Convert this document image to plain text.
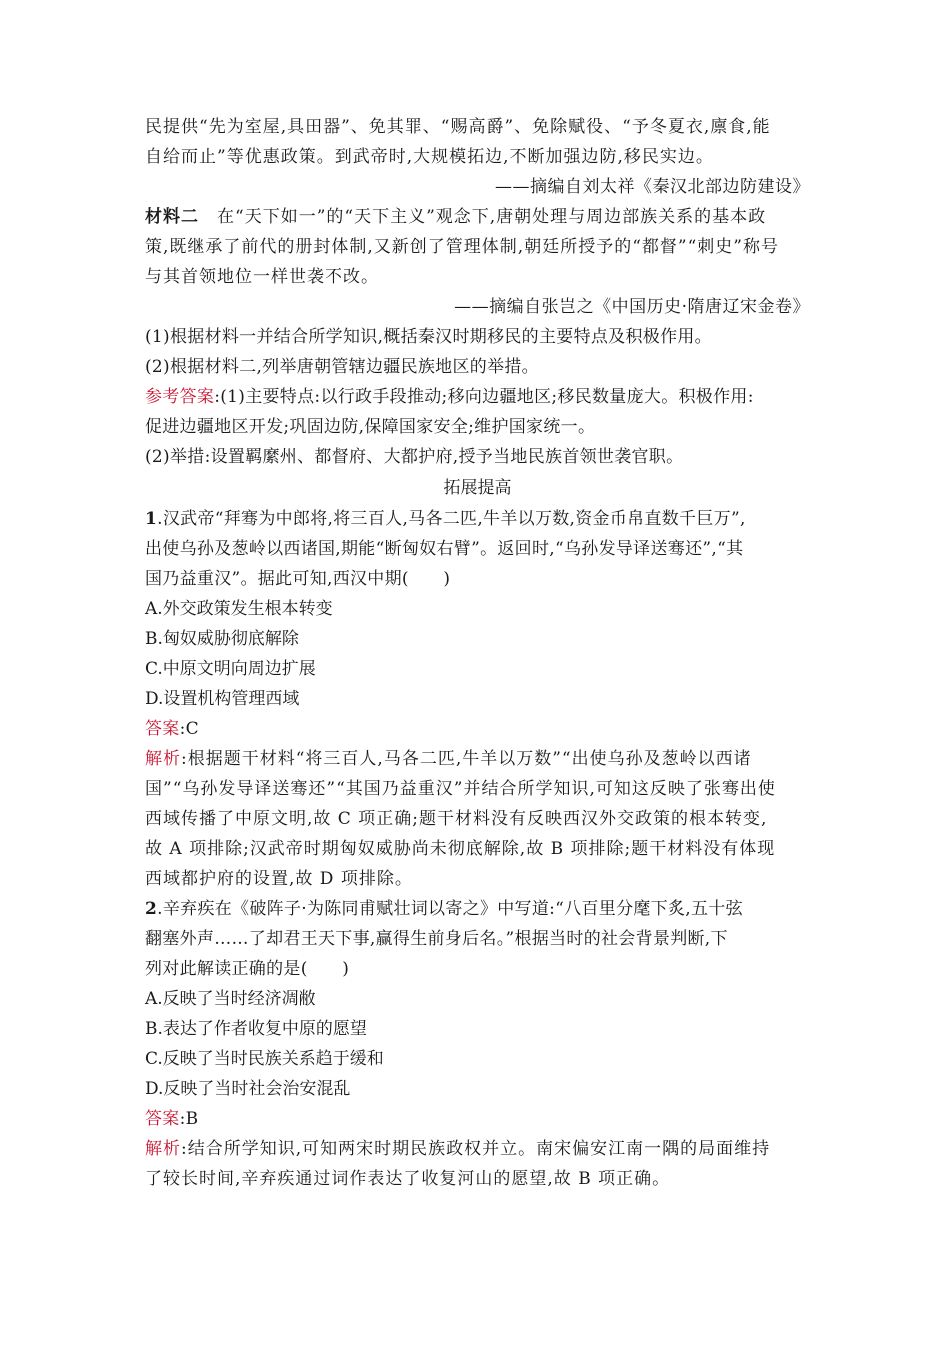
民提供“先为室屋,具田器”、免其罪、“赐高爵”、免除赋役、“予冬夏衣,廪食,能

自给而止”等优惠政策。到武帝时,大规模拓边,不断加强边防,移民实边。

——摘编自刘太祥《秦汉北部边防建设》

材料二　 在“天下如一”的“天下主义”观念下,唐朝处理与周边部族关系的基本政

策,既继承了前代的册封体制,又新创了管理体制,朝廷所授予的“都督”“刺史”称号

与其首领地位一样世袭不改。

——摘编自张岂之《中国历史·隋唐辽宋金卷》

(1)根据材料一并结合所学知识,概括秦汉时期移民的主要特点及积极作用。

(2)根据材料二,列举唐朝管辖边疆民族地区的举措。

参考答案:(1)主要特点:以行政手段推动;移向边疆地区;移民数量庞大。积极作用:

促进边疆地区开发;巩固边防,保障国家安全;维护国家统一。

(2)举措:设置羁縻州、都督府、大都护府,授予当地民族首领世袭官职。

拓展提高

1.汉武帝“拜骞为中郎将,将三百人,马各二匹,牛羊以万数,资金币帛直数千巨万”,

出使乌孙及葱岭以西诸国,期能“断匈奴右臂”。返回时,“乌孙发导译送骞还”,“其

国乃益重汉”。据此可知,西汉中期(　　)

A.外交政策发生根本转变

B.匈奴威胁彻底解除

C.中原文明向周边扩展

D.设置机构管理西域

答案:C

解析:根据题干材料“将三百人,马各二匹,牛羊以万数”“出使乌孙及葱岭以西诸

国”“乌孙发导译送骞还”“其国乃益重汉”并结合所学知识,可知这反映了张骞出使

西域传播了中原文明,故 C 项正确;题干材料没有反映西汉外交政策的根本转变,

故 A 项排除;汉武帝时期匈奴威胁尚未彻底解除,故 B 项排除;题干材料没有体现

西域都护府的设置,故 D 项排除。

2.辛弃疾在《破阵子·为陈同甫赋壮词以寄之》中写道:“八百里分麾下炙,五十弦

翻塞外声……了却君王天下事,赢得生前身后名。”根据当时的社会背景判断,下

列对此解读正确的是(　　)

A.反映了当时经济凋敝

B.表达了作者收复中原的愿望

C.反映了当时民族关系趋于缓和

D.反映了当时社会治安混乱

答案:B

解析:结合所学知识,可知两宋时期民族政权并立。南宋偏安江南一隅的局面维持

了较长时间,辛弃疾通过词作表达了收复河山的愿望,故 B 项正确。
